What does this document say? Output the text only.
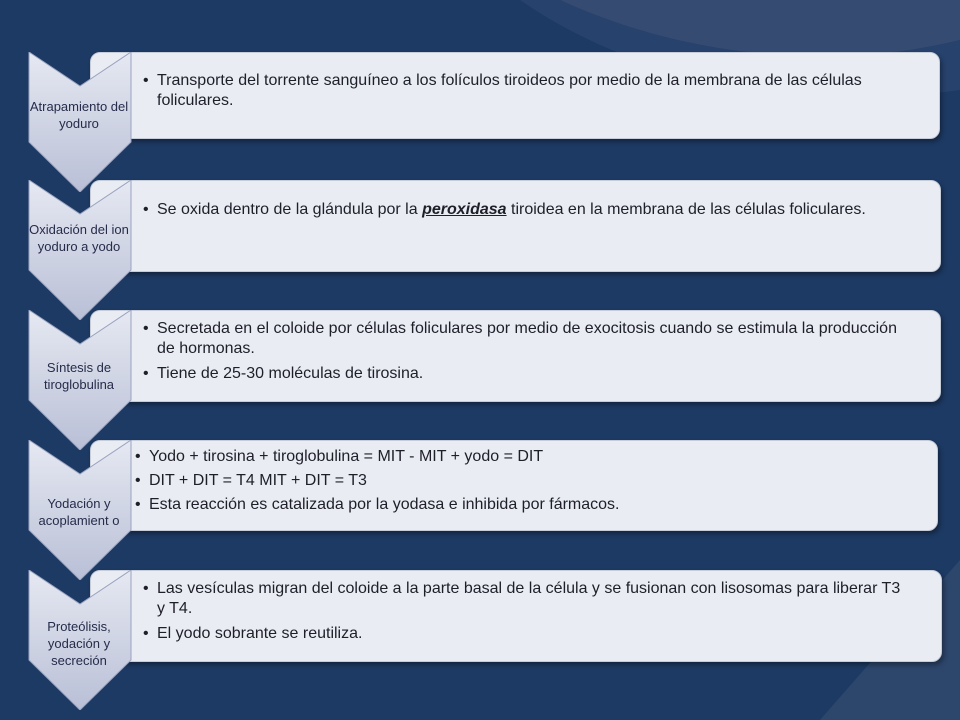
• Transporte del torrente sanguíneo a los folículos tiroideos por medio de la membrana de las células foliculares.
• Se oxida dentro de la glándula por la peroxidasa tiroidea en la membrana de las células foliculares.
• Secretada en el coloide por células foliculares por medio de exocitosis cuando se estimula la producción de hormonas.
• Tiene de 25-30 moléculas de tirosina.
• Yodo + tirosina + tiroglobulina = MIT - MIT + yodo = DIT
• DIT + DIT = T4 MIT + DIT = T3
• Esta reacción es catalizada por la yodasa e inhibida por fármacos.
• Las vesículas migran del coloide a la parte basal de la célula y se fusionan con lisosomas para liberar T3 y T4.
• El yodo sobrante se reutiliza.
Atrapamiento del yoduro
Oxidación del ion yoduro a yodo
Síntesis de tiroglobulina
Yodación y acoplamient o
Proteólisis, yodación y secreción
